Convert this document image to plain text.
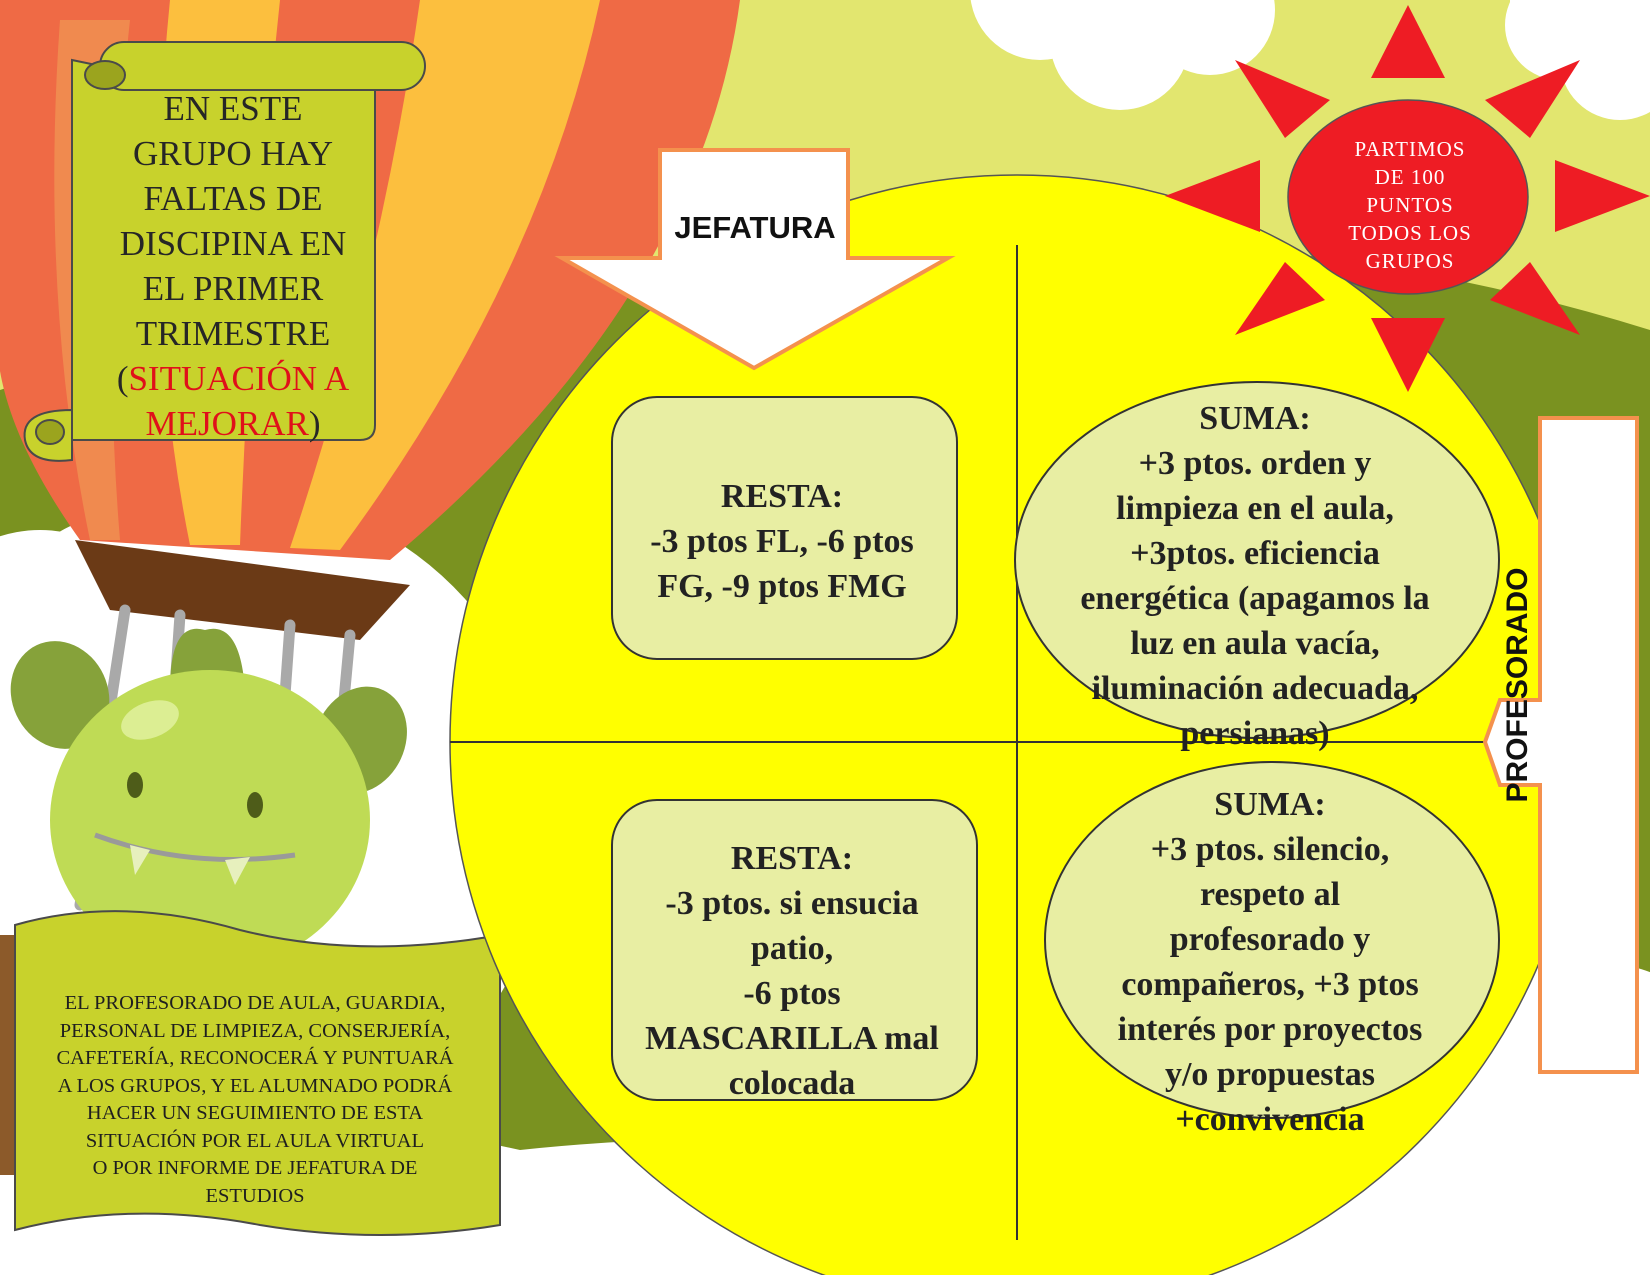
EN ESTE
GRUPO HAY
FALTAS DE
DISCIPINA EN
EL PRIMER
TRIMESTRE
(SITUACIÓN A
MEJORAR)
JEFATURA
PROFESORADO
PARTIMOS
DE 100
PUNTOS
TODOS LOS
GRUPOS
RESTA:
-3 ptos FL, -6 ptos
FG, -9 ptos FMG
RESTA:
-3 ptos. si ensucia
patio,
-6 ptos
MASCARILLA mal
colocada
SUMA:
+3 ptos. orden y
limpieza en el aula,
+3ptos. eficiencia
energética (apagamos la
luz en aula vacía,
iluminación adecuada,
persianas)
SUMA:
+3 ptos. silencio,
respeto al
profesorado y
compañeros, +3 ptos
interés por proyectos
y/o propuestas
+convivencia
EL PROFESORADO DE AULA, GUARDIA,
PERSONAL DE LIMPIEZA, CONSERJERÍA,
CAFETERÍA, RECONOCERÁ Y PUNTUARÁ
A LOS GRUPOS, Y EL ALUMNADO PODRÁ
HACER UN SEGUIMIENTO DE ESTA
SITUACIÓN POR EL AULA VIRTUAL
O POR INFORME DE JEFATURA DE
ESTUDIOS
